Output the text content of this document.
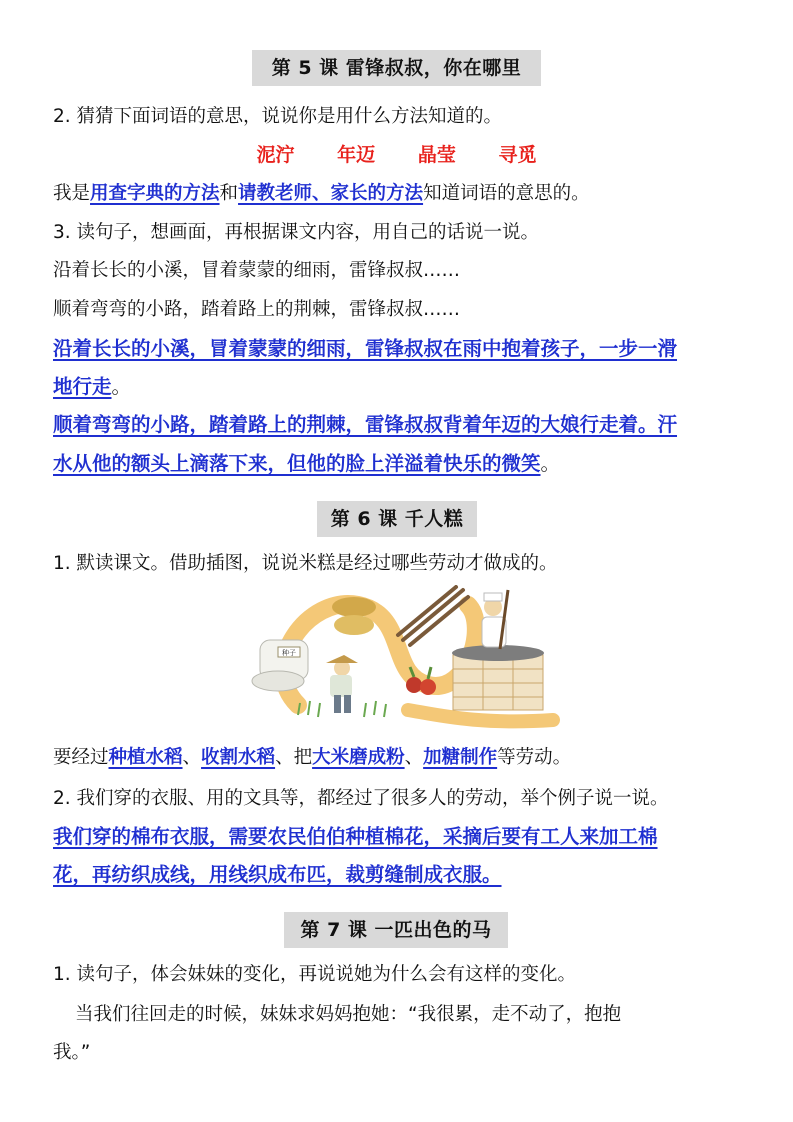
第 5 课 雷锋叔叔，你在哪里
2. 猜猜下面词语的意思，说说你是用什么方法知道的。
泥泞 年迈 晶莹 寻觅
我是用查字典的方法和请教老师、家长的方法知道词语的意思的。
3. 读句子，想画面，再根据课文内容，用自己的话说一说。
沿着长长的小溪，冒着蒙蒙的细雨，雷锋叔叔……
顺着弯弯的小路，踏着路上的荆棘，雷锋叔叔……
沿着长长的小溪，冒着蒙蒙的细雨，雷锋叔叔在雨中抱着孩子，一步一滑
地行走。
顺着弯弯的小路，踏着路上的荆棘，雷锋叔叔背着年迈的大娘行走着。汗
水从他的额头上滴落下来，但他的脸上洋溢着快乐的微笑。
第 6 课 千人糕
1. 默读课文。借助插图，说说米糕是经过哪些劳动才做成的。
种子
要经过种植水稻、收割水稻、把大米磨成粉、加糖制作等劳动。
2. 我们穿的衣服、用的文具等，都经过了很多人的劳动，举个例子说一说。
我们穿的棉布衣服，需要农民伯伯种植棉花，采摘后要有工人来加工棉
花，再纺织成线，用线织成布匹，裁剪缝制成衣服。
第 7 课 一匹出色的马
1. 读句子，体会妹妹的变化，再说说她为什么会有这样的变化。
当我们往回走的时候，妹妹求妈妈抱她：“我很累，走不动了，抱抱
我。”
